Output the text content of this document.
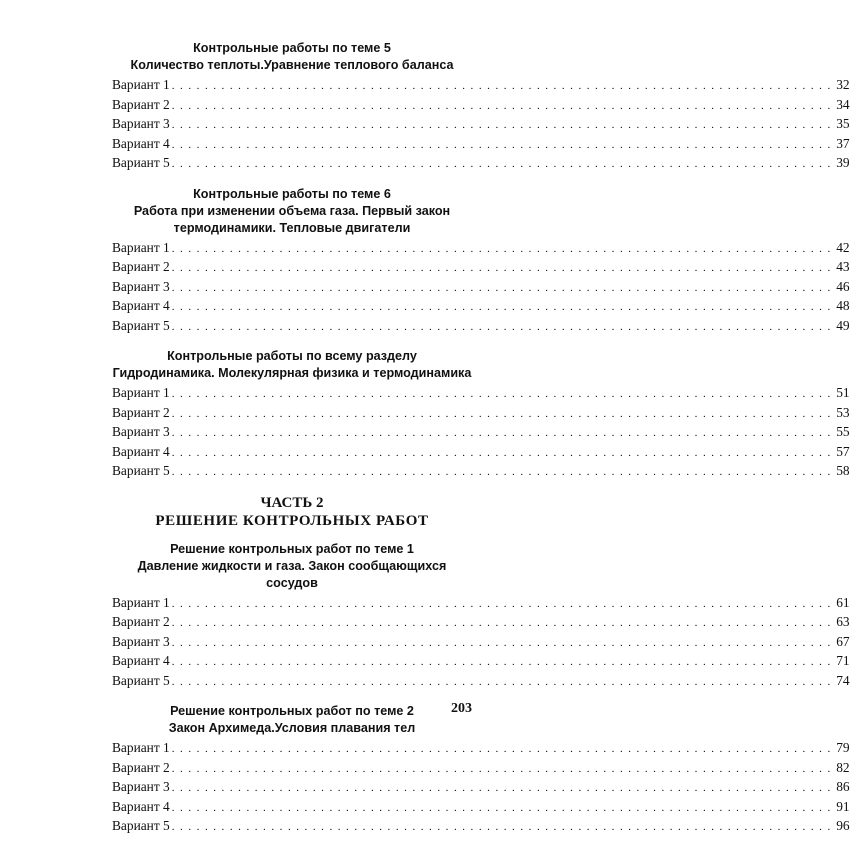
Контрольные работы по теме 5

Количество теплоты.Уравнение теплового баланса

Вариант 1 . . . . . . . . . . . . . . . . . . . . . . . . . . . . . . . . . . . . . . . . . . . . . . . . . . . . . . . . . . . . . . . . . . . . . . . . . . . . . . . . 32
Вариант 2 . . . . . . . . . . . . . . . . . . . . . . . . . . . . . . . . . . . . . . . . . . . . . . . . . . . . . . . . . . . . . . . . . . . . . . . . . . . . . . . . 34
Вариант 3 . . . . . . . . . . . . . . . . . . . . . . . . . . . . . . . . . . . . . . . . . . . . . . . . . . . . . . . . . . . . . . . . . . . . . . . . . . . . . . . . 35
Вариант 4 . . . . . . . . . . . . . . . . . . . . . . . . . . . . . . . . . . . . . . . . . . . . . . . . . . . . . . . . . . . . . . . . . . . . . . . . . . . . . . . . 37
Вариант 5 . . . . . . . . . . . . . . . . . . . . . . . . . . . . . . . . . . . . . . . . . . . . . . . . . . . . . . . . . . . . . . . . . . . . . . . . . . . . . . . . 39

Контрольные работы по теме 6

Работа при изменении объема газа. Первый закон

термодинамики. Тепловые двигатели

Вариант 1 . . . . . . . . . . . . . . . . . . . . . . . . . . . . . . . . . . . . . . . . . . . . . . . . . . . . . . . . . . . . . . . . . . . . . . . . . . . . . . . . 42
Вариант 2 . . . . . . . . . . . . . . . . . . . . . . . . . . . . . . . . . . . . . . . . . . . . . . . . . . . . . . . . . . . . . . . . . . . . . . . . . . . . . . . . 43
Вариант 3 . . . . . . . . . . . . . . . . . . . . . . . . . . . . . . . . . . . . . . . . . . . . . . . . . . . . . . . . . . . . . . . . . . . . . . . . . . . . . . . . 46
Вариант 4 . . . . . . . . . . . . . . . . . . . . . . . . . . . . . . . . . . . . . . . . . . . . . . . . . . . . . . . . . . . . . . . . . . . . . . . . . . . . . . . . 48
Вариант 5 . . . . . . . . . . . . . . . . . . . . . . . . . . . . . . . . . . . . . . . . . . . . . . . . . . . . . . . . . . . . . . . . . . . . . . . . . . . . . . . . 49

Контрольные работы по всему разделу

Гидродинамика. Молекулярная физика и термодинамика

Вариант 1 . . . . . . . . . . . . . . . . . . . . . . . . . . . . . . . . . . . . . . . . . . . . . . . . . . . . . . . . . . . . . . . . . . . . . . . . . . . . . . . . 51
Вариант 2 . . . . . . . . . . . . . . . . . . . . . . . . . . . . . . . . . . . . . . . . . . . . . . . . . . . . . . . . . . . . . . . . . . . . . . . . . . . . . . . . 53
Вариант 3 . . . . . . . . . . . . . . . . . . . . . . . . . . . . . . . . . . . . . . . . . . . . . . . . . . . . . . . . . . . . . . . . . . . . . . . . . . . . . . . . 55
Вариант 4 . . . . . . . . . . . . . . . . . . . . . . . . . . . . . . . . . . . . . . . . . . . . . . . . . . . . . . . . . . . . . . . . . . . . . . . . . . . . . . . . 57
Вариант 5 . . . . . . . . . . . . . . . . . . . . . . . . . . . . . . . . . . . . . . . . . . . . . . . . . . . . . . . . . . . . . . . . . . . . . . . . . . . . . . . . 58
ЧАСТЬ 2
РЕШЕНИЕ КОНТРОЛЬНЫХ РАБОТ

Решение контрольных работ по теме 1

Давление жидкости и газа. Закон сообщающихся сосудов

Вариант 1 . . . . . . . . . . . . . . . . . . . . . . . . . . . . . . . . . . . . . . . . . . . . . . . . . . . . . . . . . . . . . . . . . . . . . . . . . . . . . . . . 61
Вариант 2 . . . . . . . . . . . . . . . . . . . . . . . . . . . . . . . . . . . . . . . . . . . . . . . . . . . . . . . . . . . . . . . . . . . . . . . . . . . . . . . . 63
Вариант 3 . . . . . . . . . . . . . . . . . . . . . . . . . . . . . . . . . . . . . . . . . . . . . . . . . . . . . . . . . . . . . . . . . . . . . . . . . . . . . . . . 67
Вариант 4 . . . . . . . . . . . . . . . . . . . . . . . . . . . . . . . . . . . . . . . . . . . . . . . . . . . . . . . . . . . . . . . . . . . . . . . . . . . . . . . . 71
Вариант 5 . . . . . . . . . . . . . . . . . . . . . . . . . . . . . . . . . . . . . . . . . . . . . . . . . . . . . . . . . . . . . . . . . . . . . . . . . . . . . . . . 74

Решение контрольных работ по теме 2

Закон Архимеда.Условия плавания тел

Вариант 1 . . . . . . . . . . . . . . . . . . . . . . . . . . . . . . . . . . . . . . . . . . . . . . . . . . . . . . . . . . . . . . . . . . . . . . . . . . . . . . . . 79
Вариант 2 . . . . . . . . . . . . . . . . . . . . . . . . . . . . . . . . . . . . . . . . . . . . . . . . . . . . . . . . . . . . . . . . . . . . . . . . . . . . . . . . 82
Вариант 3 . . . . . . . . . . . . . . . . . . . . . . . . . . . . . . . . . . . . . . . . . . . . . . . . . . . . . . . . . . . . . . . . . . . . . . . . . . . . . . . . 86
Вариант 4 . . . . . . . . . . . . . . . . . . . . . . . . . . . . . . . . . . . . . . . . . . . . . . . . . . . . . . . . . . . . . . . . . . . . . . . . . . . . . . . . 91
Вариант 5 . . . . . . . . . . . . . . . . . . . . . . . . . . . . . . . . . . . . . . . . . . . . . . . . . . . . . . . . . . . . . . . . . . . . . . . . . . . . . . . . 96
203
